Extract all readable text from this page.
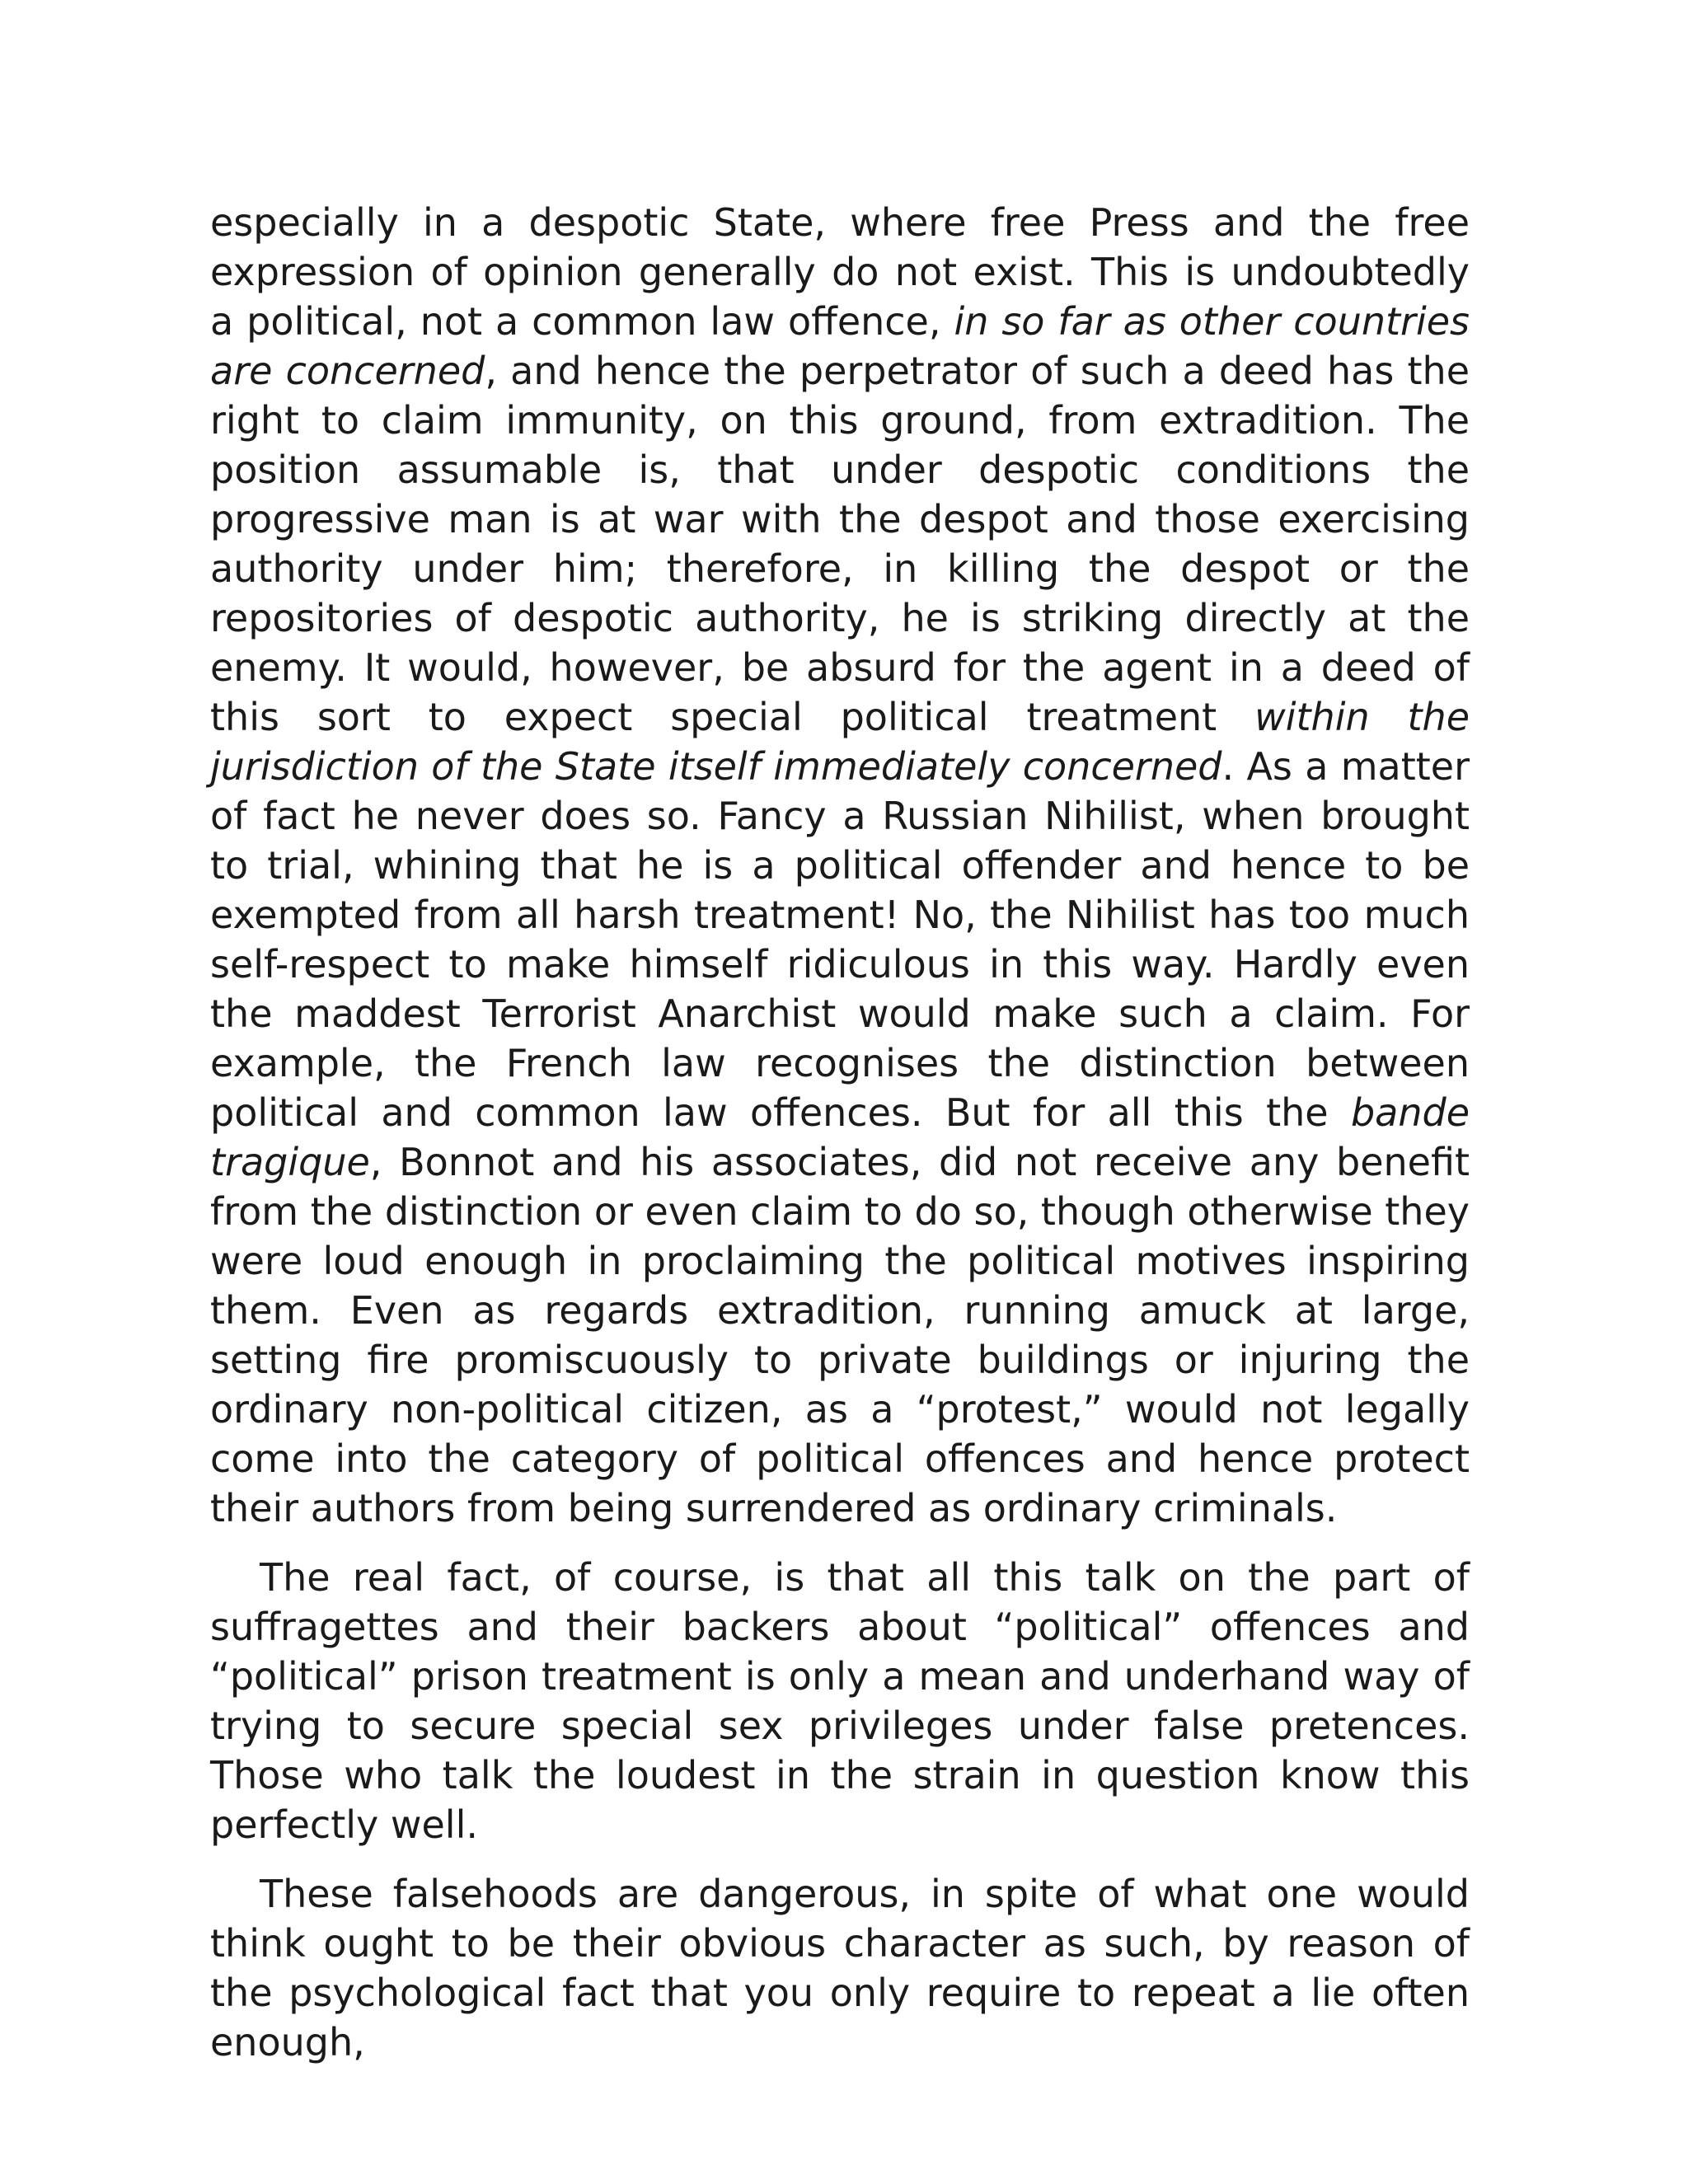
especially in a despotic State, where free Press and the free expression of opinion generally do not exist. This is undoubtedly a political, not a common law offence, in so far as other countries are concerned, and hence the perpetrator of such a deed has the right to claim immunity, on this ground, from extradition. The position assumable is, that under despotic conditions the progressive man is at war with the despot and those exercising authority under him; therefore, in killing the despot or the repositories of despotic authority, he is striking directly at the enemy. It would, however, be absurd for the agent in a deed of this sort to expect special political treatment within the jurisdiction of the State itself immediately concerned. As a matter of fact he never does so. Fancy a Russian Nihilist, when brought to trial, whining that he is a political offender and hence to be exempted from all harsh treatment! No, the Nihilist has too much self-respect to make himself ridiculous in this way. Hardly even the maddest Terrorist Anarchist would make such a claim. For example, the French law recognises the distinction between political and common law offences. But for all this the bande tragique, Bonnot and his associates, did not receive any benefit from the distinction or even claim to do so, though otherwise they were loud enough in proclaiming the political motives inspiring them. Even as regards extradition, running amuck at large, setting fire promiscuously to private buildings or injuring the ordinary non-political citizen, as a “protest,” would not legally come into the category of political offences and hence protect their authors from being surrendered as ordinary criminals.

The real fact, of course, is that all this talk on the part of suffragettes and their backers about “political” offences and “political” prison treatment is only a mean and underhand way of trying to secure special sex privileges under false pretences. Those who talk the loudest in the strain in question know this perfectly well.

These falsehoods are dangerous, in spite of what one would think ought to be their obvious character as such, by reason of the psychological fact that you only require to repeat a lie often enough,
